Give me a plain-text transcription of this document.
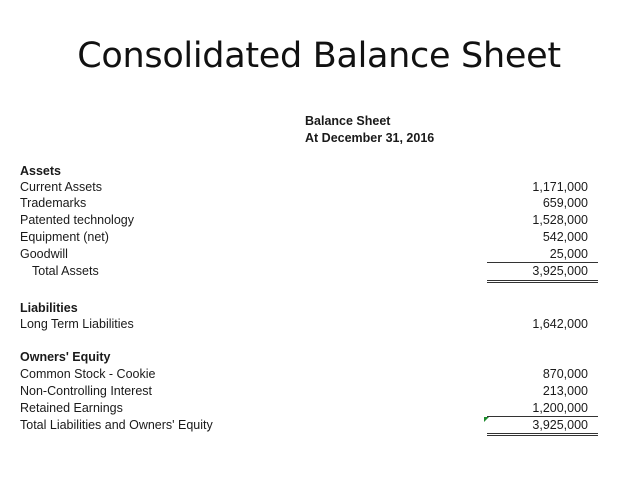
Consolidated Balance Sheet
Balance Sheet
At December 31, 2016
Assets
Current Assets	1,171,000
Trademarks	659,000
Patented technology	1,528,000
Equipment (net)	542,000
Goodwill	25,000
Total Assets	3,925,000
Liabilities
Long Term Liabilities	1,642,000
Owners' Equity
Common Stock - Cookie	870,000
Non-Controlling Interest	213,000
Retained Earnings	1,200,000
Total Liabilities and Owners' Equity	3,925,000
